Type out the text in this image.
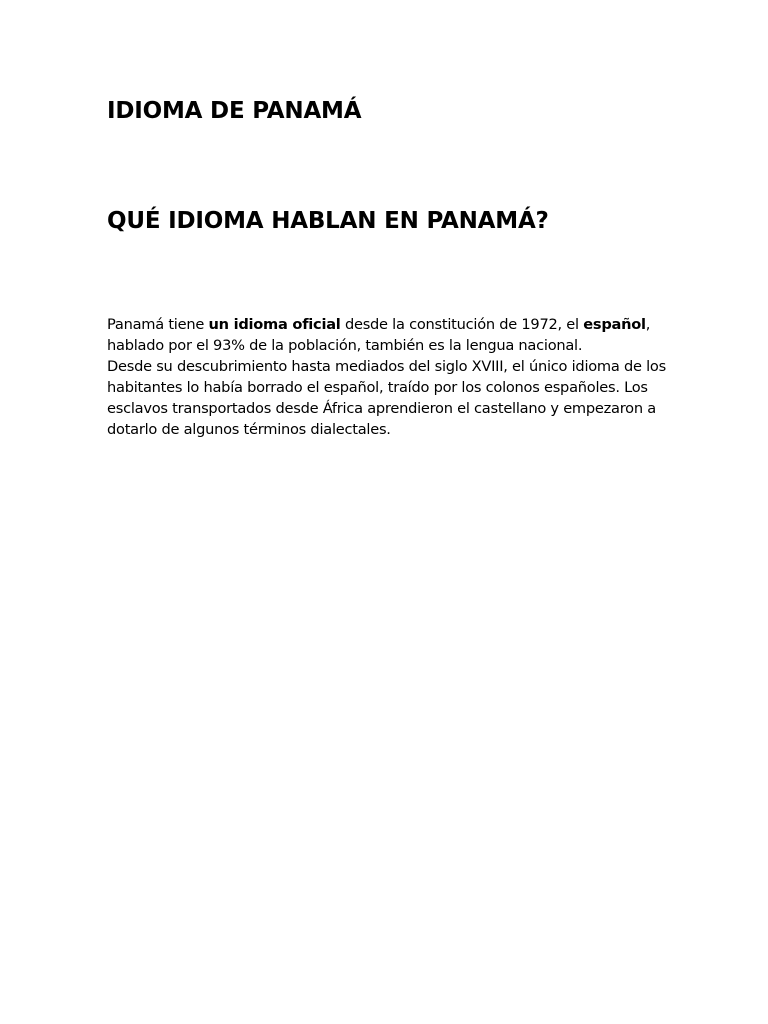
IDIOMA DE PANAMÁ
QUÉ IDIOMA HABLAN EN PANAMÁ?

Panamá tiene un idioma oficial desde la constitución de 1972, el español, hablado por el 93% de la población, también es la lengua nacional.

Desde su descubrimiento hasta mediados del siglo XVIII, el único idioma de los habitantes lo había borrado el español, traído por los colonos españoles. Los esclavos transportados desde África aprendieron el castellano y empezaron a dotarlo de algunos términos dialectales.
